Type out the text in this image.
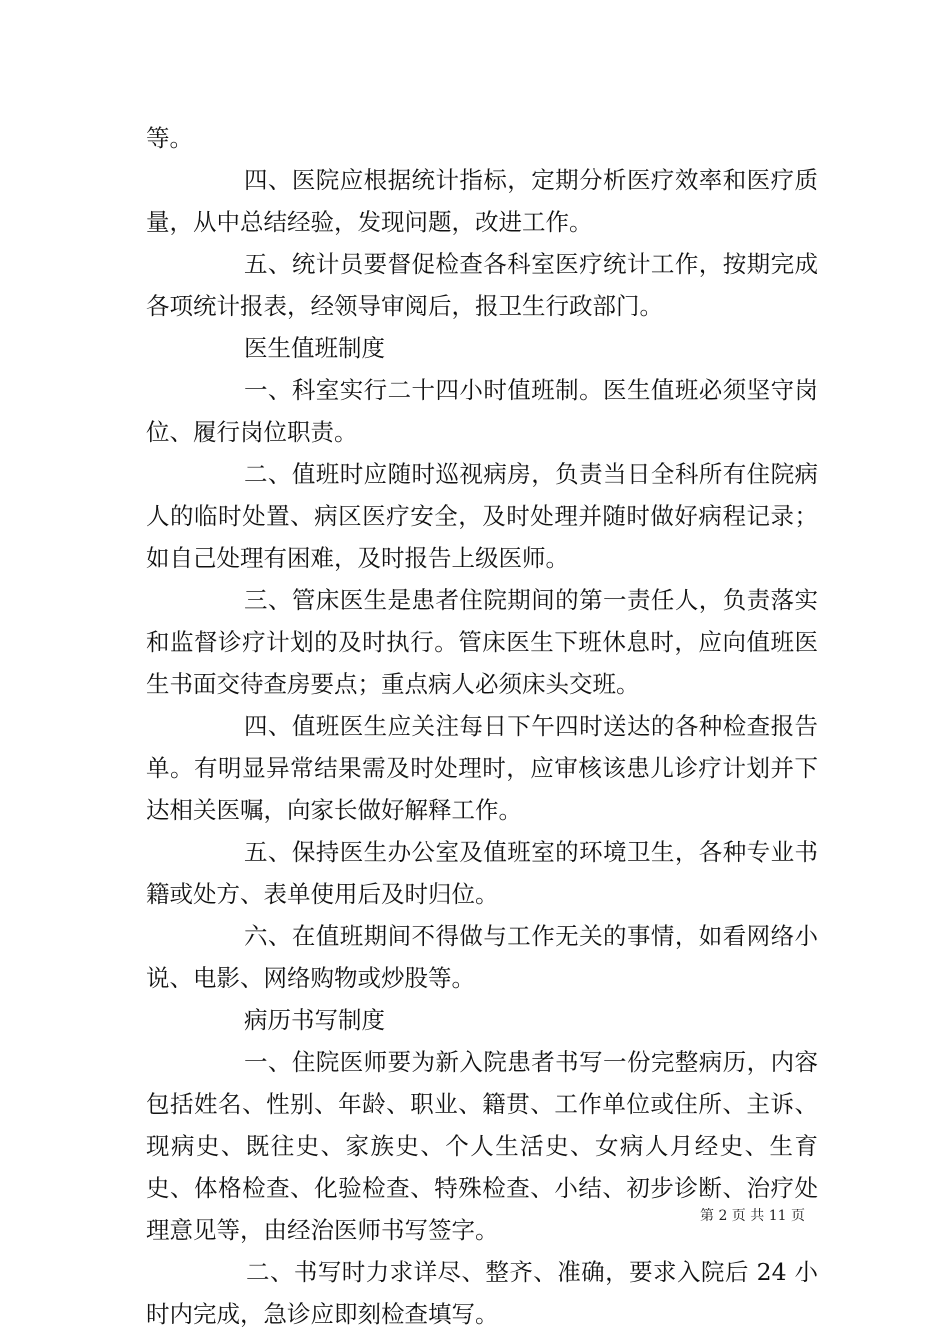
等。

四、医院应根据统计指标，定期分析医疗效率和医疗质量，从中总结经验，发现问题，改进工作。

五、统计员要督促检查各科室医疗统计工作，按期完成各项统计报表，经领导审阅后，报卫生行政部门。

医生值班制度

一、科室实行二十四小时值班制。医生值班必须坚守岗位、履行岗位职责。

二、值班时应随时巡视病房，负责当日全科所有住院病人的临时处置、病区医疗安全，及时处理并随时做好病程记录；如自己处理有困难，及时报告上级医师。

三、管床医生是患者住院期间的第一责任人，负责落实和监督诊疗计划的及时执行。管床医生下班休息时，应向值班医生书面交待查房要点；重点病人必须床头交班。

四、值班医生应关注每日下午四时送达的各种检查报告单。有明显异常结果需及时处理时，应审核该患儿诊疗计划并下达相关医嘱，向家长做好解释工作。

五、保持医生办公室及值班室的环境卫生，各种专业书籍或处方、表单使用后及时归位。

六、在值班期间不得做与工作无关的事情，如看网络小说、电影、网络购物或炒股等。

病历书写制度

一、住院医师要为新入院患者书写一份完整病历，内容包括姓名、性别、年龄、职业、籍贯、工作单位或住所、主诉、现病史、既往史、家族史、个人生活史、女病人月经史、生育史、体格检查、化验检查、特殊检查、小结、初步诊断、治疗处理意见等，由经治医师书写签字。

二、书写时力求详尽、整齐、准确，要求入院后 24 小时内完成，急诊应即刻检查填写。

第 2 页 共 11 页
